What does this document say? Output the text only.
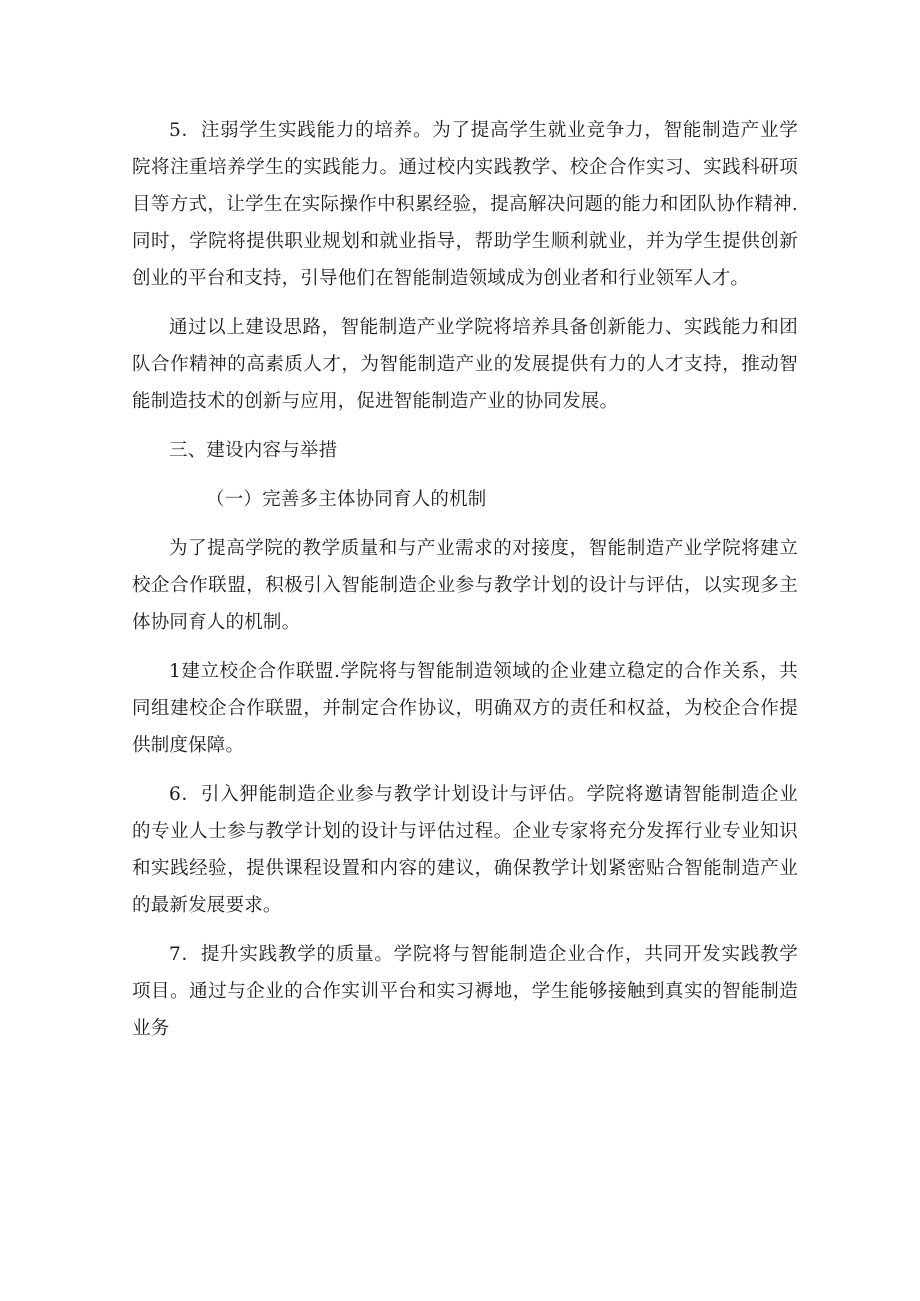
5．注弱学生实践能力的培养。为了提高学生就业竞争力，智能制造产业学院将注重培养学生的实践能力。通过校内实践教学、校企合作实习、实践科研项目等方式，让学生在实际操作中积累经验，提高解决问题的能力和团队协作精神.同时，学院将提供职业规划和就业指导，帮助学生顺利就业，并为学生提供创新创业的平台和支持，引导他们在智能制造领域成为创业者和行业领军人才。

通过以上建设思路，智能制造产业学院将培养具备创新能力、实践能力和团队合作精神的高素质人才，为智能制造产业的发展提供有力的人才支持，推动智能制造技术的创新与应用，促进智能制造产业的协同发展。

三、建设内容与举措

（一）完善多主体协同育人的机制

为了提高学院的教学质量和与产业需求的对接度，智能制造产业学院将建立校企合作联盟，积极引入智能制造企业参与教学计划的设计与评估，以实现多主体协同育人的机制。

1建立校企合作联盟.学院将与智能制造领域的企业建立稳定的合作关系，共同组建校企合作联盟，并制定合作协议，明确双方的责任和权益，为校企合作提供制度保障。

6．引入狎能制造企业参与教学计划设计与评估。学院将邀请智能制造企业的专业人士参与教学计划的设计与评估过程。企业专家将充分发挥行业专业知识和实践经验，提供课程设置和内容的建议，确保教学计划紧密贴合智能制造产业的最新发展要求。

7．提升实践教学的质量。学院将与智能制造企业合作，共同开发实践教学项目。通过与企业的合作实训平台和实习褥地，学生能够接触到真实的智能制造业务
